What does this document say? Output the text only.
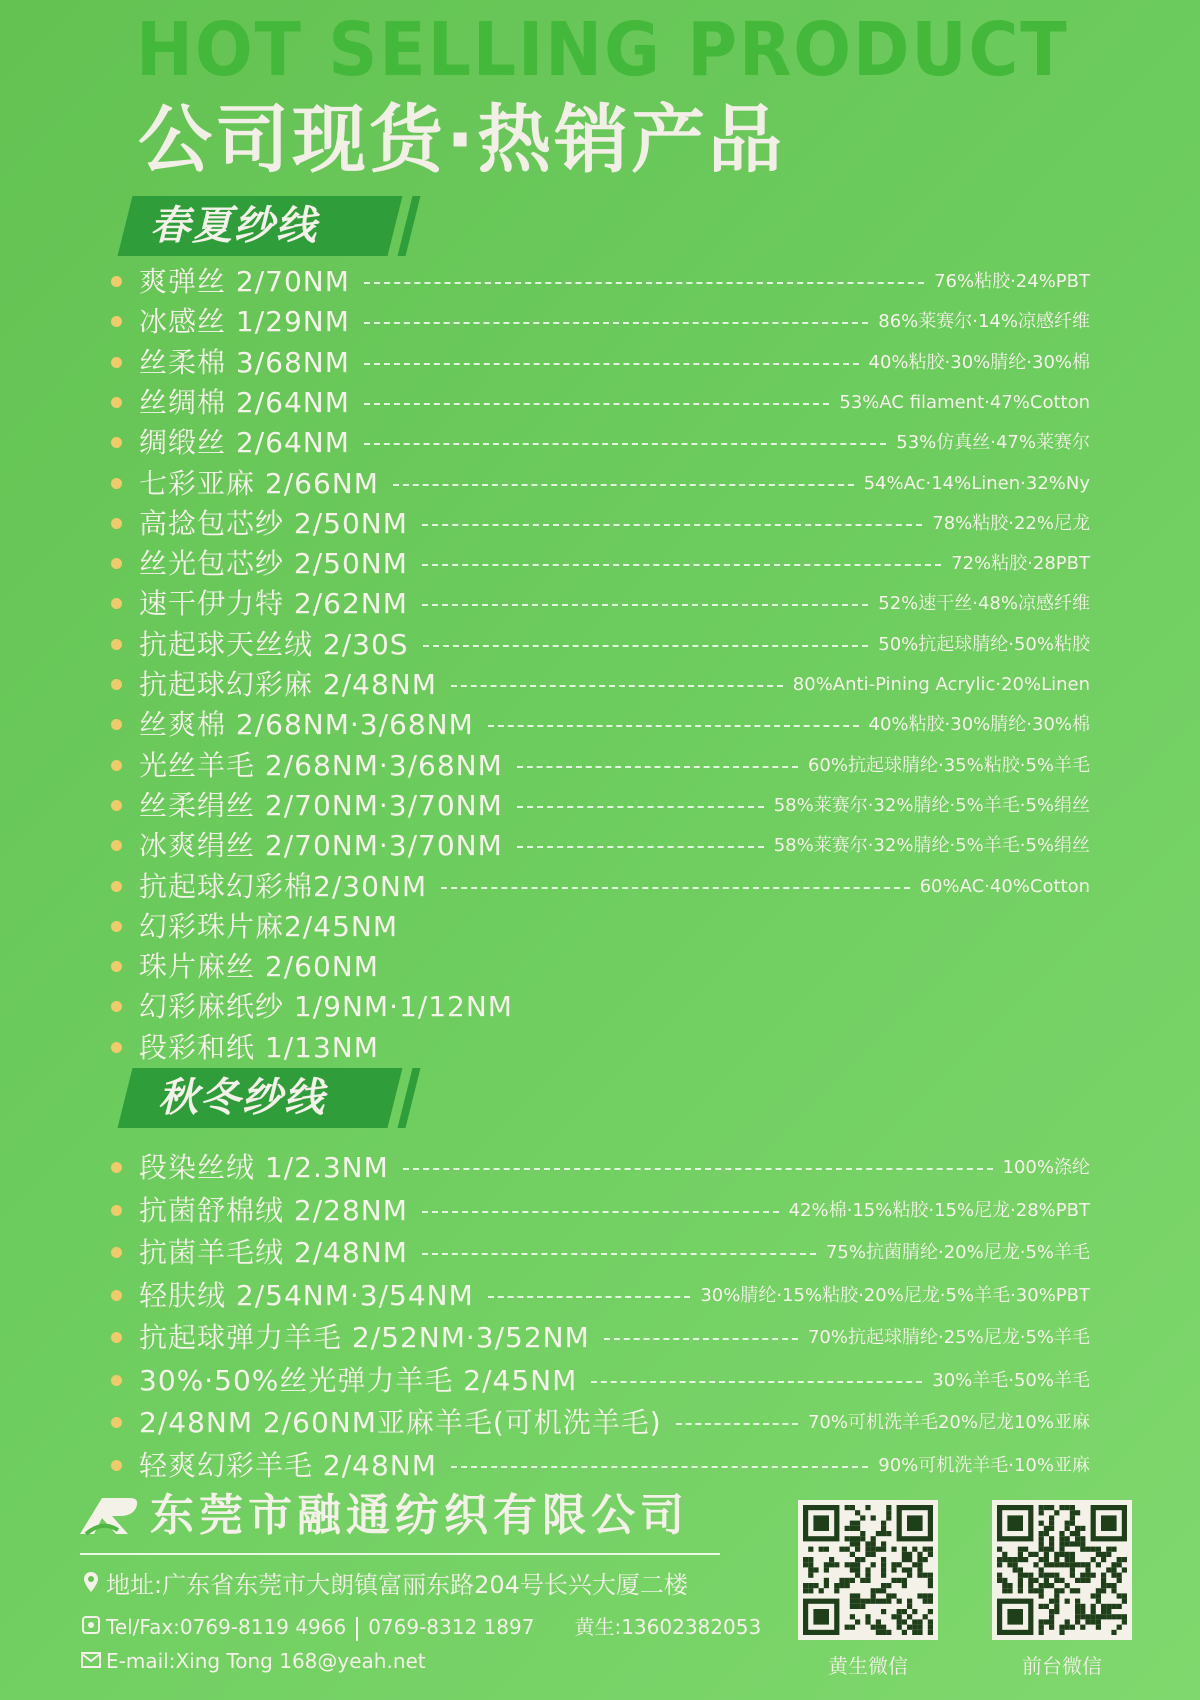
HOT SELLING PRODUCT
公司现货·热销产品
春夏纱线
爽弹丝 2/70NM	76%粘胶·24%PBT
冰感丝 1/29NM	86%莱赛尔·14%凉感纤维
丝柔棉 3/68NM	40%粘胶·30%腈纶·30%棉
丝绸棉 2/64NM	53%AC filament·47%Cotton
绸缎丝 2/64NM	53%仿真丝·47%莱赛尔
七彩亚麻 2/66NM	54%Ac·14%Linen·32%Ny
高捻包芯纱 2/50NM	78%粘胶·22%尼龙
丝光包芯纱 2/50NM	72%粘胶·28PBT
速干伊力特 2/62NM	52%速干丝·48%凉感纤维
抗起球天丝绒 2/30S	50%抗起球腈纶·50%粘胶
抗起球幻彩麻 2/48NM	80%Anti-Pining Acrylic·20%Linen
丝爽棉 2/68NM·3/68NM	40%粘胶·30%腈纶·30%棉
光丝羊毛 2/68NM·3/68NM	60%抗起球腈纶·35%粘胶·5%羊毛
丝柔绢丝 2/70NM·3/70NM	58%莱赛尔·32%腈纶·5%羊毛·5%绢丝
冰爽绢丝 2/70NM·3/70NM	58%莱赛尔·32%腈纶·5%羊毛·5%绢丝
抗起球幻彩棉2/30NM	60%AC·40%Cotton
幻彩珠片麻2/45NM
珠片麻丝 2/60NM
幻彩麻纸纱 1/9NM·1/12NM
段彩和纸 1/13NM
秋冬纱线
段染丝绒 1/2.3NM	100%涤纶
抗菌舒棉绒 2/28NM	42%棉·15%粘胶·15%尼龙·28%PBT
抗菌羊毛绒 2/48NM	75%抗菌腈纶·20%尼龙·5%羊毛
轻肤绒 2/54NM·3/54NM	30%腈纶·15%粘胶·20%尼龙·5%羊毛·30%PBT
抗起球弹力羊毛 2/52NM·3/52NM	70%抗起球腈纶·25%尼龙·5%羊毛
30%·50%丝光弹力羊毛 2/45NM	30%羊毛·50%羊毛
2/48NM 2/60NM亚麻羊毛(可机洗羊毛)	70%可机洗羊毛20%尼龙10%亚麻
轻爽幻彩羊毛 2/48NM	90%可机洗羊毛·10%亚麻
东莞市融通纺织有限公司
地址:广东省东莞市大朗镇富丽东路204号长兴大厦二楼
Tel/Fax:0769-8119 4966 0769-8312 1897 黄生:13602382053
E-mail:Xing Tong 168@yeah.net	黄生微信	前台微信
